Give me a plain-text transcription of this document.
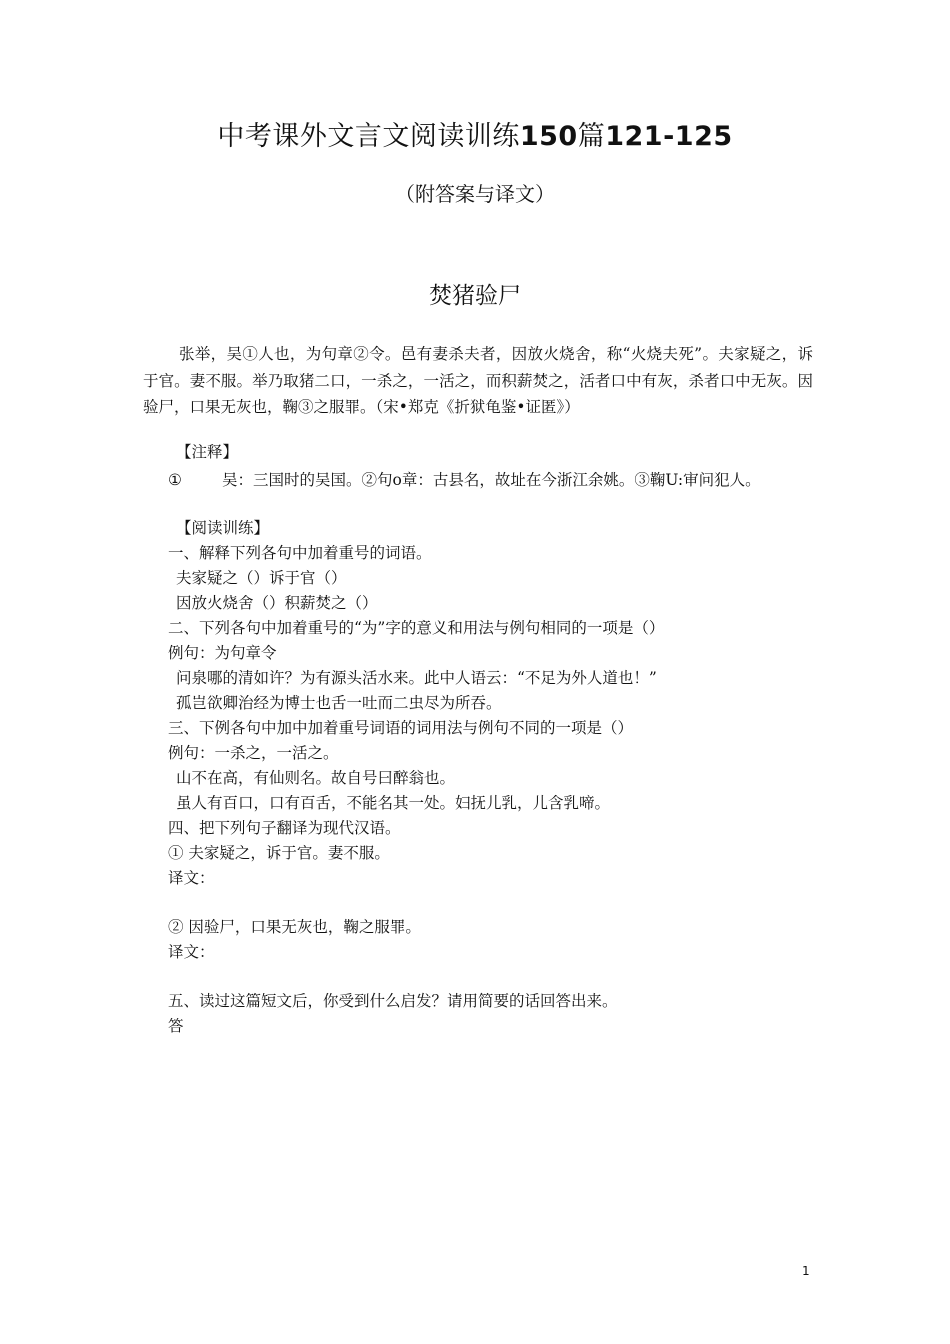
中考课外文言文阅读训练150篇121-125
（附答案与译文）
焚猪验尸

张举，吴①人也，为句章②令。邑有妻杀夫者，因放火烧舍，称“火烧夫死”。夫家疑之，诉于官。妻不服。举乃取猪二口，一杀之，一活之，而积薪焚之，活者口中有灰，杀者口中无灰。因验尸，口果无灰也，鞠③之服罪。（宋•郑克《折狱龟鉴•证匿》）

【注释】

①	吴：三国时的吴国。②句ο章：古县名，故址在今浙江余姚。③鞠U:审问犯人。

【阅读训练】

一、解释下列各句中加着重号的词语。

夫家疑之（）诉于官（）

因放火烧舍（）积薪焚之（）

二、下列各句中加着重号的“为”字的意义和用法与例句相同的一项是（）

例句：为句章令

问泉哪的清如许？为有源头活水来。此中人语云：“不足为外人道也！”

孤岂欲卿治经为博士也舌一吐而二虫尽为所吞。

三、下例各句中加中加着重号词语的词用法与例句不同的一项是（）

例句：一杀之，一活之。

山不在高，有仙则名。故自号曰醉翁也。

虽人有百口，口有百舌，不能名其一处。妇抚儿乳，儿含乳啼。

四、把下列句子翻译为现代汉语。

① 夫家疑之，诉于官。妻不服。

译文：

② 因验尸，口果无灰也，鞠之服罪。

译文：

五、读过这篇短文后，你受到什么启发？请用简要的话回答出来。

答

1
